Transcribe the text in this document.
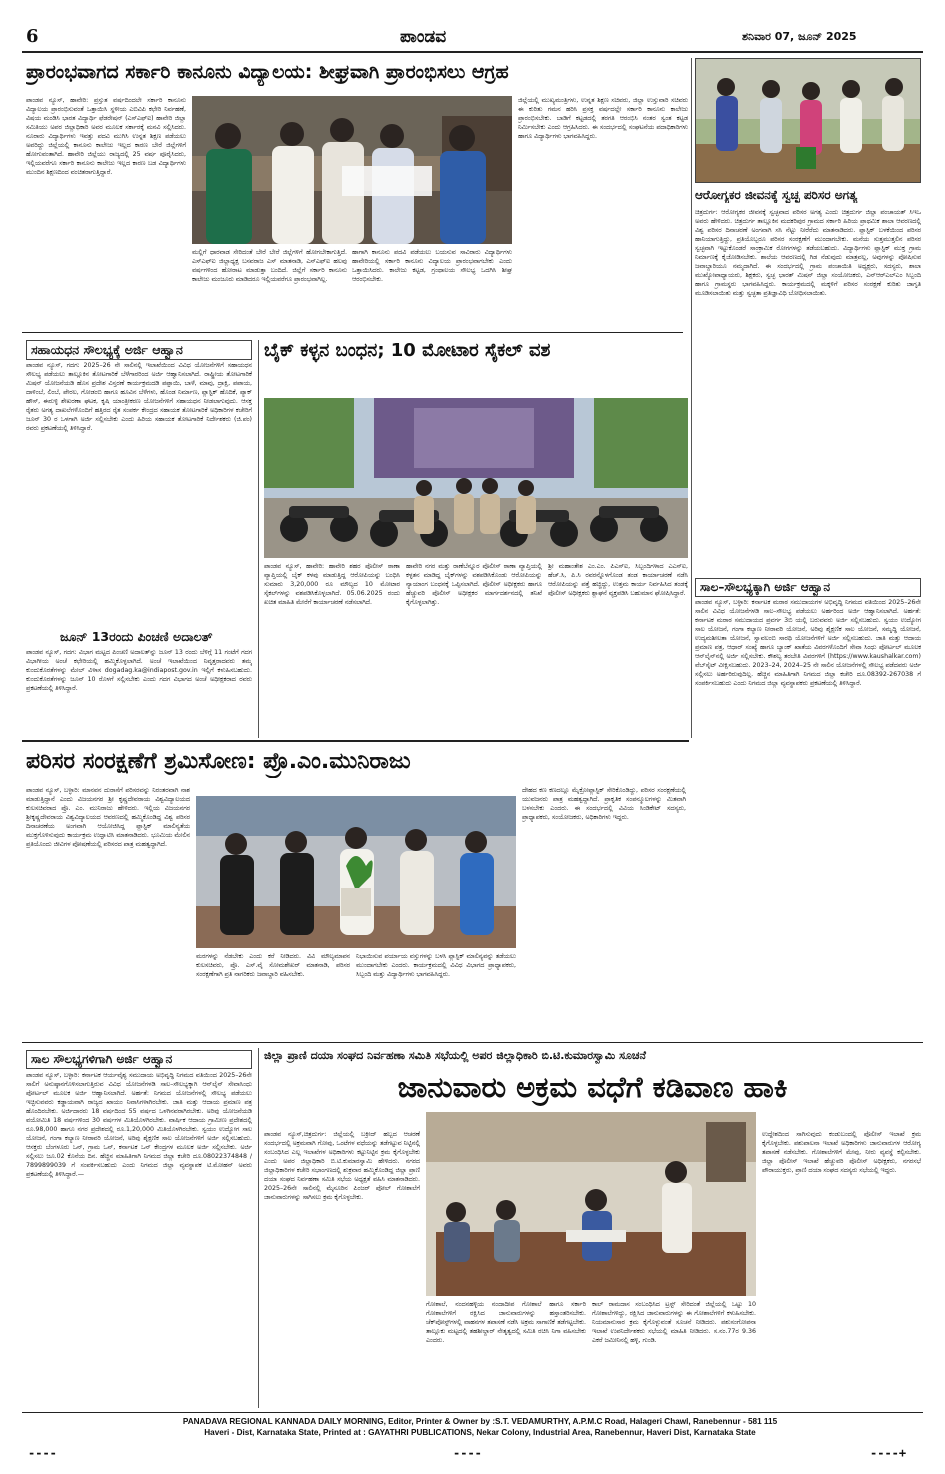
6	ಪಾಂಡವ	ಶನಿವಾರ 07, ಜೂನ್ 2025
ಪ್ರಾರಂಭವಾಗದ ಸರ್ಕಾರಿ ಕಾನೂನು ವಿದ್ಯಾಲಯ: ಶೀಘ್ರವಾಗಿ ಪ್ರಾರಂಭಿಸಲು ಆಗ್ರಹ
ಪಾಂಡವ ನ್ಯೂಸ್, ಹಾವೇರಿ: ಪ್ರಸ್ತುತ ವರ್ಷದಿಂದಲೇ ಸರ್ಕಾರಿ ಕಾನೂನು ವಿದ್ಯಾಲಯ ಪ್ರಾರಂಭಿಸುವಂತೆ ಒತ್ತಾಯಿಸಿ ಸ್ಥಳೀಯ ಎಬಿವಿಪಿ ಕಛೇರಿ ನಿರ್ವಹಣೆ, ವಿಷಯ ಮಂಡಿಸಿ ಭಾರತ ವಿದ್ಯಾರ್ಥಿ ಫೆಡರೇಷನ್ (ಎಸ್‌ಎಫ್‌ಐ) ಹಾವೇರಿ ಜಿಲ್ಲಾ ಸಮಿತಿಯು ಅಪರ ಜಿಲ್ಲಾಧಿಕಾರಿ ಅವರ ಮೂಲಕ ಸರ್ಕಾರಕ್ಕೆ ಮನವಿ ಸಲ್ಲಿಸಿದರು. ನೂರಾರು ವಿದ್ಯಾರ್ಥಿಗಳು ಇವತ್ತು ಪದವಿ ಮುಗಿಸಿ ಉನ್ನತ ಶಿಕ್ಷಣ ಪಡೆಯಲು ಅವರಿದ್ದು ಜಿಲ್ಲೆಯಲ್ಲಿ ಕಾನೂನು ಕಾಲೇಜು ಇಲ್ಲದ ಕಾರಣ ಬೇರೆ ಜಿಲ್ಲೆಗಳಿಗೆ ಹೋಗುವಂತಾಗಿದೆ. ಹಾವೇರಿ ಜಿಲ್ಲೆಯು ರಾಜ್ಯದಲ್ಲಿ 25 ವರ್ಷ ಪೂರೈಸಿದರು, ಇಲ್ಲಿಯವರೆಗೂ ಸರ್ಕಾರಿ ಕಾನೂನು ಕಾಲೇಜು ಇಲ್ಲದ ಕಾರಣ ಬಡ ವಿದ್ಯಾರ್ಥಿಗಳು ಮುಂದಿನ ಶಿಕ್ಷಣದಿಂದ ವಂಚಿತರಾಗುತ್ತಿದ್ದಾರೆ.
ಮಲ್ಲಿಗೆ ಧಾರವಾಡ ಸೇರಿದಂತೆ ಬೇರೆ ಬೇರೆ ಜಿಲ್ಲೆಗಳಿಗೆ ಹೋಗಬೇಕಾಗುತ್ತಿದೆ. ಎಸ್‌ಎಫ್‌ಐ ಜಿಲ್ಲಾಧ್ಯಕ್ಷ ಬಸವರಾಜ ಎಸ್ ಮಾತನಾಡಿ, ಎಸ್‌ಎಫ್‌ಐ ಹಲವು ವರ್ಷಗಳಿಂದ ಹೋರಾಟ ಮಾಡುತ್ತಾ ಬಂದಿದೆ. ಜಿಲ್ಲೆಗೆ ಸರ್ಕಾರಿ ಕಾನೂನು ಕಾಲೇಜು ಮಂಜೂರು ಮಾಡಿದರೂ ಇಲ್ಲಿಯವರೆಗೂ ಪ್ರಾರಂಭವಾಗಿಲ್ಲ.
ಹಾಗಾಗಿ ಕಾನೂನು ಪದವಿ ಪಡೆಯಲು ಬಯಸುವ ಸಾವಿರಾರು ವಿದ್ಯಾರ್ಥಿಗಳು ಹಾವೇರಿಯಲ್ಲಿ ಸರ್ಕಾರಿ ಕಾನೂನು ವಿದ್ಯಾಲಯ ಪ್ರಾರಂಭವಾಗಬೇಕು ಎಂದು ಒತ್ತಾಯಿಸಿದರು. ಕಾಲೇಜು ಕಟ್ಟಡ, ಗ್ರಂಥಾಲಯ ಸೌಲಭ್ಯ ಒದಗಿಸಿ ಶೀಘ್ರ ಆರಂಭಿಸಬೇಕು.
ಜಿಲ್ಲೆಯಲ್ಲಿ ಮುಖ್ಯಮಂತ್ರಿಗಳು, ಉನ್ನತ ಶಿಕ್ಷಣ ಸಚಿವರು, ಜಿಲ್ಲಾ ಉಸ್ತುವಾರಿ ಸಚಿವರು ಈ ಕುರಿತು ಗಮನ ಹರಿಸಿ ಪ್ರಸಕ್ತ ವರ್ಷದಲ್ಲೇ ಸರ್ಕಾರಿ ಕಾನೂನು ಕಾಲೇಜು ಪ್ರಾರಂಭಿಸಬೇಕು. ಬಾಡಿಗೆ ಕಟ್ಟಡದಲ್ಲಿ ತರಗತಿ ಆರಂಭಿಸಿ ನಂತರ ಸ್ವಂತ ಕಟ್ಟಡ ನಿರ್ಮಿಸಬೇಕು ಎಂದು ಆಗ್ರಹಿಸಿದರು. ಈ ಸಂದರ್ಭದಲ್ಲಿ ಸಂಘಟನೆಯ ಪದಾಧಿಕಾರಿಗಳು ಹಾಗೂ ವಿದ್ಯಾರ್ಥಿಗಳು ಭಾಗವಹಿಸಿದ್ದರು.
ಆರೋಗ್ಯಕರ ಜೀವನಕ್ಕೆ ಸ್ವಚ್ಛ ಪರಿಸರ ಅಗತ್ಯ
ಚಿತ್ರದುರ್ಗ: ಆರೋಗ್ಯಕರ ಜೀವನಕ್ಕೆ ಸ್ವಚ್ಛವಾದ ಪರಿಸರ ಅಗತ್ಯ ಎಂದು ಚಿತ್ರದುರ್ಗ ಜಿಲ್ಲಾ ಪಂಚಾಯತ್ ಸಿಇಒ ಅವರು ಹೇಳಿದರು. ಚಿತ್ರದುರ್ಗ ತಾಲ್ಲೂಕಿನ ಮದಕರಿಪುರ ಗ್ರಾಮದ ಸರ್ಕಾರಿ ಹಿರಿಯ ಪ್ರಾಥಮಿಕ ಶಾಲಾ ಆವರಣದಲ್ಲಿ ವಿಶ್ವ ಪರಿಸರ ದಿನಾಚರಣೆ ಅಂಗವಾಗಿ ಸಸಿ ನೆಟ್ಟು ನೀರೆರೆದು ಮಾತನಾಡಿದರು. ಪ್ಲಾಸ್ಟಿಕ್ ಬಳಕೆಯಿಂದ ಪರಿಸರ ಹಾನಿಯಾಗುತ್ತಿದ್ದು, ಪ್ರತಿಯೊಬ್ಬರೂ ಪರಿಸರ ಸಂರಕ್ಷಣೆಗೆ ಮುಂದಾಗಬೇಕು. ಮನೆಯ ಸುತ್ತಮುತ್ತಲಿನ ಪರಿಸರ ಸ್ವಚ್ಛವಾಗಿ ಇಟ್ಟುಕೊಂಡರೆ ಸಾಂಕ್ರಾಮಿಕ ರೋಗಗಳನ್ನು ತಡೆಯಬಹುದು. ವಿದ್ಯಾರ್ಥಿಗಳು ಪ್ಲಾಸ್ಟಿಕ್ ಮುಕ್ತ ಗ್ರಾಮ ನಿರ್ಮಾಣಕ್ಕೆ ಕೈಜೋಡಿಸಬೇಕು. ಶಾಲೆಯ ಆವರಣದಲ್ಲಿ ಗಿಡ ನೆಡುವುದು ಮಾತ್ರವಲ್ಲ, ಅವುಗಳನ್ನು ಪೋಷಿಸುವ ಜವಾಬ್ದಾರಿಯೂ ನಮ್ಮದಾಗಿದೆ. ಈ ಸಂದರ್ಭದಲ್ಲಿ ಗ್ರಾಮ ಪಂಚಾಯಿತಿ ಅಧ್ಯಕ್ಷರು, ಸದಸ್ಯರು, ಶಾಲಾ ಮುಖ್ಯೋಪಾಧ್ಯಾಯರು, ಶಿಕ್ಷಕರು, ಸ್ವಚ್ಛ ಭಾರತ್ ಮಿಷನ್ ಜಿಲ್ಲಾ ಸಂಯೋಜಕರು, ಎನ್‌ಆರ್‌ಎಲ್‌ಎಂ ಸಿಬ್ಬಂದಿ ಹಾಗೂ ಗ್ರಾಮಸ್ಥರು ಭಾಗವಹಿಸಿದ್ದರು. ಕಾರ್ಯಕ್ರಮದಲ್ಲಿ ಮಕ್ಕಳಿಗೆ ಪರಿಸರ ಸಂರಕ್ಷಣೆ ಕುರಿತು ಜಾಗೃತಿ ಮೂಡಿಸಲಾಯಿತು ಮತ್ತು ಸ್ವಚ್ಛತಾ ಪ್ರತಿಜ್ಞಾವಿಧಿ ಬೋಧಿಸಲಾಯಿತು.
ಸಹಾಯಧನ ಸೌಲಭ್ಯಕ್ಕೆ ಅರ್ಜಿ ಆಹ್ವಾನ
ಪಾಂಡವ ನ್ಯೂಸ್, ಗದಗ: 2025–26 ನೇ ಸಾಲಿನಲ್ಲಿ ಇಲಾಖೆಯಿಂದ ವಿವಿಧ ಯೋಜನೆಗಳಿಗೆ ಸಹಾಯಧನ ಸೌಲಭ್ಯ ಪಡೆಯಲು ತಾಲ್ಲೂಕಿನ ತೋಟಗಾರಿಕೆ ಬೆಳೆಗಾರರಿಂದ ಅರ್ಜಿ ಆಹ್ವಾನಿಸಲಾಗಿದೆ. ರಾಷ್ಟ್ರೀಯ ತೋಟಗಾರಿಕೆ ಮಿಷನ್ ಯೋಜನೆಯಡಿ ಹೊಸ ಪ್ರದೇಶ ವಿಸ್ತರಣೆ ಕಾರ್ಯಕ್ರಮದಡಿ ಪಪ್ಪಾಯಿ, ಬಾಳೆ, ಮಾವು, ದ್ರಾಕ್ಷಿ, ಪಪಾಯ, ದಾಳಿಂಬೆ, ಲಿಂಬೆ, ಪೇರಲ, ಗೋಡಂಬಿ ಹಾಗೂ ಹೂವಿನ ಬೆಳೆಗಳು, ಹೊಂಡ ನಿರ್ಮಾಣ, ಪ್ಲಾಸ್ಟಿಕ್ ಹೊದಿಕೆ, ಪ್ಯಾಕ್ ಹೌಸ್, ಈರುಳ್ಳಿ ಶೇಖರಣಾ ಘಟಕ, ಕೃಷಿ ಯಾಂತ್ರೀಕರಣ ಯೋಜನೆಗಳಿಗೆ ಸಹಾಯಧನ ನೀಡಲಾಗುವುದು. ಆಸಕ್ತ ರೈತರು ಅಗತ್ಯ ದಾಖಲೆಗಳೊಂದಿಗೆ ಹತ್ತಿರದ ರೈತ ಸಂಪರ್ಕ ಕೇಂದ್ರದ ಸಹಾಯಕ ತೋಟಗಾರಿಕೆ ಅಧಿಕಾರಿಗಳ ಕಚೇರಿಗೆ ಜೂನ್ 30 ರ ಒಳಗಾಗಿ ಅರ್ಜಿ ಸಲ್ಲಿಸಬೇಕು ಎಂದು ಹಿರಿಯ ಸಹಾಯಕ ತೋಟಗಾರಿಕೆ ನಿರ್ದೇಶಕರು (ಜಿ.ಪಂ) ರವರು ಪ್ರಕಟಣೆಯಲ್ಲಿ ತಿಳಿಸಿದ್ದಾರೆ.
ಜೂನ್ 13ರಂದು ಪಿಂಚಣಿ ಅದಾಲತ್
ಪಾಂಡವ ನ್ಯೂಸ್, ಗದಗ: ವಿಭಾಗ ಮಟ್ಟದ ಪಿಂಚಣಿ ಅದಾಲತ್‌ನ್ನು ಜೂನ್ 13 ರಂದು ಬೆಳಿಗ್ಗೆ 11 ಗಂಟೆಗೆ ಗದಗ ವಿಭಾಗೀಯ ಅಂಚೆ ಕಛೇರಿಯಲ್ಲಿ ಹಮ್ಮಿಕೊಳ್ಳಲಾಗಿದೆ. ಅಂಚೆ ಇಲಾಖೆಯಿಂದ ನಿವೃತ್ತರಾದವರು ತಮ್ಮ ಕುಂದುಕೊರತೆಗಳನ್ನು ಮೇಲ್ ವಿಳಾಸ dogadag.ka@indiapost.gov.in ಇಲ್ಲಿಗೆ ಕಳುಹಿಸಬಹುದು. ಕುಂದುಕೊರತೆಗಳನ್ನು ಜೂನ್ 10 ರೊಳಗೆ ಸಲ್ಲಿಸಬೇಕು ಎಂದು ಗದಗ ವಿಭಾಗದ ಅಂಚೆ ಅಧೀಕ್ಷಕರಾದ ರವರು ಪ್ರಕಟಣೆಯಲ್ಲಿ ತಿಳಿಸಿದ್ದಾರೆ.
ಬೈಕ್ ಕಳ್ಳನ ಬಂಧನ; 10 ಮೋಟಾರ ಸೈಕಲ್ ವಶ
ಪಾಂಡವ ನ್ಯೂಸ್, ಹಾವೇರಿ: ಹಾವೇರಿ ಶಹರ ಪೊಲೀಸ್ ಠಾಣಾ ವ್ಯಾಪ್ತಿಯಲ್ಲಿ ಬೈಕ್ ಕಳವು ಮಾಡುತ್ತಿದ್ದ ಆರೋಪಿಯನ್ನು ಬಂಧಿಸಿ ಸುಮಾರು 3,20,000 ರೂ ಮೌಲ್ಯದ 10 ಮೋಟಾರ ಸೈಕಲ್‌ಗಳನ್ನು ವಶಪಡಿಸಿಕೊಳ್ಳಲಾಗಿದೆ. 05.06.2025 ರಂದು ಖಚಿತ ಮಾಹಿತಿ ಮೇರೆಗೆ ಕಾರ್ಯಾಚರಣೆ ನಡೆಸಲಾಗಿದೆ.
ಹಾವೇರಿ ನಗರ ಮತ್ತು ರಾಣೆಬೆನ್ನೂರ ಪೊಲೀಸ್ ಠಾಣಾ ವ್ಯಾಪ್ತಿಯಲ್ಲಿ ಕಳ್ಳತನ ಮಾಡಿದ್ದ ಬೈಕ್‌ಗಳನ್ನು ವಶಪಡಿಸಿಕೊಂಡು ಆರೋಪಿಯನ್ನು ನ್ಯಾಯಾಂಗ ಬಂಧನಕ್ಕೆ ಒಪ್ಪಿಸಲಾಗಿದೆ. ಪೊಲೀಸ್ ಅಧೀಕ್ಷಕರು ಹಾಗೂ ಹೆಚ್ಚುವರಿ ಪೊಲೀಸ್ ಅಧೀಕ್ಷಕರ ಮಾರ್ಗದರ್ಶನದಲ್ಲಿ ತನಿಖೆ ಕೈಗೊಳ್ಳಲಾಗಿತ್ತು.
ಶ್ರೀ ಮಹಾಂತೇಶ ಎಂ.ಎಂ. ಪಿಎಸ್‌ಐ, ಸಿಬ್ಬಂದಿಗಳಾದ ಎಎಸ್‌ಐ, ಹೆಚ್.ಸಿ, ಪಿ.ಸಿ ರವರನ್ನೊಳಗೊಂಡ ತಂಡ ಕಾರ್ಯಾಚರಣೆ ನಡೆಸಿ ಆರೋಪಿಯನ್ನು ಪತ್ತೆ ಹಚ್ಚಿದ್ದು, ಉತ್ತಮ ಕಾರ್ಯ ನಿರ್ವಹಿಸಿದ ತಂಡಕ್ಕೆ ಪೊಲೀಸ್ ಅಧೀಕ್ಷಕರು ಶ್ಲಾಘನೆ ವ್ಯಕ್ತಪಡಿಸಿ ಬಹುಮಾನ ಘೋಷಿಸಿದ್ದಾರೆ.	ಸಾಲ–ಸೌಲಭ್ಯಕ್ಕಾಗಿ ಅರ್ಜಿ ಆಹ್ವಾನ
ಪಾಂಡವ ನ್ಯೂಸ್, ಬಳ್ಳಾರಿ: ಕರ್ನಾಟಕ ಮರಾಠ ಸಮುದಾಯಗಳ ಅಭಿವೃದ್ಧಿ ನಿಗಮದ ವತಿಯಿಂದ 2025–26ನೇ ಸಾಲಿನ ವಿವಿಧ ಯೋಜನೆಗಳಡಿ ಸಾಲ–ಸೌಲಭ್ಯ ಪಡೆಯಲು ಅರ್ಹರಿಂದ ಅರ್ಜಿ ಆಹ್ವಾನಿಸಲಾಗಿದೆ. ಅರ್ಹತೆ: ಕರ್ನಾಟಕ ಮರಾಠ ಸಮುದಾಯದ ಪ್ರವರ್ಗ 3ಬಿ ಯಲ್ಲಿ ಬರುವವರು ಅರ್ಜಿ ಸಲ್ಲಿಸಬಹುದು. ಸ್ವಯಂ ಉದ್ಯೋಗ ಸಾಲ ಯೋಜನೆ, ಗಂಗಾ ಕಲ್ಯಾಣ ನೀರಾವರಿ ಯೋಜನೆ, ಅರಿವು ಶೈಕ್ಷಣಿಕ ಸಾಲ ಯೋಜನೆ, ಸಮೃದ್ಧಿ ಯೋಜನೆ, ಉದ್ಯಮಶೀಲತಾ ಯೋಜನೆ, ಸ್ವಾವಲಂಬಿ ಸಾರಥಿ ಯೋಜನೆಗಳಿಗೆ ಅರ್ಜಿ ಸಲ್ಲಿಸಬಹುದು. ಜಾತಿ ಮತ್ತು ಆದಾಯ ಪ್ರಮಾಣ ಪತ್ರ, ಆಧಾರ್ ಸಂಖ್ಯೆ ಹಾಗೂ ಬ್ಯಾಂಕ್ ಖಾತೆಯ ವಿವರಗಳೊಂದಿಗೆ ಸೇವಾ ಸಿಂಧು ಪೋರ್ಟಲ್ ಮೂಲಕ ಆನ್‌ಲೈನ್‌ನಲ್ಲಿ ಅರ್ಜಿ ಸಲ್ಲಿಸಬೇಕು. ಕೌಶಲ್ಯ ತರಬೇತಿ ವಿವರಗಳಿಗೆ (https://www.kaushalkar.com) ವೆಬ್‌ಸೈಟ್ ವೀಕ್ಷಿಸಬಹುದು. 2023–24, 2024–25 ನೇ ಸಾಲಿನ ಯೋಜನೆಗಳಲ್ಲಿ ಸೌಲಭ್ಯ ಪಡೆದವರು ಅರ್ಜಿ ಸಲ್ಲಿಸಲು ಅರ್ಹರಿರುವುದಿಲ್ಲ. ಹೆಚ್ಚಿನ ಮಾಹಿತಿಗಾಗಿ ನಿಗಮದ ಜಿಲ್ಲಾ ಕಚೇರಿ ದೂ.08392-267038 ಗೆ ಸಂಪರ್ಕಿಸಬಹುದು ಎಂದು ನಿಗಮದ ಜಿಲ್ಲಾ ವ್ಯವಸ್ಥಾಪಕರು ಪ್ರಕಟಣೆಯಲ್ಲಿ ತಿಳಿಸಿದ್ದಾರೆ.
ಪರಿಸರ ಸಂರಕ್ಷಣೆಗೆ ಶ್ರಮಿಸೋಣ: ಪ್ರೊ.ಎಂ.ಮುನಿರಾಜು
ಪಾಂಡವ ನ್ಯೂಸ್, ಬಳ್ಳಾರಿ: ಮಾನವನ ದುರಾಸೆಗೆ ಪರಿಸರವನ್ನು ನಿರಂತರವಾಗಿ ನಾಶ ಮಾಡುತ್ತಿದ್ದಾನೆ ಎಂದು ವಿಜಯನಗರ ಶ್ರೀ ಕೃಷ್ಣದೇವರಾಯ ವಿಶ್ವವಿದ್ಯಾಲಯದ ಕುಲಸಚಿವರಾದ ಪ್ರೊ. ಎಂ. ಮುನಿರಾಜು ಹೇಳಿದರು. ಇಲ್ಲಿಯ ವಿಜಯನಗರ ಶ್ರೀಕೃಷ್ಣದೇವರಾಯ ವಿಶ್ವವಿದ್ಯಾಲಯದ ಆವರಣದಲ್ಲಿ ಹಮ್ಮಿಕೊಂಡಿದ್ದ ವಿಶ್ವ ಪರಿಸರ ದಿನಾಚರಣೆಯ ಅಂಗವಾಗಿ ಆಯೋಜಿಸಿದ್ದ ಪ್ಲಾಸ್ಟಿಕ್ ಮಾಲಿನ್ಯತೆಯ ಮುಕ್ತಗೊಳಿಸುವುದು ಕಾರ್ಯಕ್ರಮ ಉದ್ಘಾಟಿಸಿ ಮಾತನಾಡಿದರು. ಭೂಮಿಯ ಮೇಲಿನ ಪ್ರತಿಯೊಂದು ಜೀವಿಗಳ ಪೋಷಣೆಯಲ್ಲಿ ಪರಿಸರದ ಪಾತ್ರ ಮಹತ್ವದ್ದಾಗಿದೆ.
ಮರಗಳನ್ನು ನೆಡಬೇಕು ಎಂದು ಕರೆ ನೀಡಿದರು. ವಿವಿ ಮೌಲ್ಯಮಾಪನ ಕುಲಸಚಿವರು, ಪ್ರೊ. ಎಸ್.ವೈ ಸೋಮಶೇಖರ್ ಮಾತನಾಡಿ, ಪರಿಸರ ಸಂರಕ್ಷಣೆಗಾಗಿ ಪ್ರತಿ ನಾಗರಿಕರು ಜವಾಬ್ದಾರಿ ವಹಿಸಬೇಕು.
ನಿಭಾಯಿಸುವ ಪರ್ಯಾಯ ವಸ್ತುಗಳನ್ನು ಬಳಸಿ ಪ್ಲಾಸ್ಟಿಕ್ ಮಾಲಿನ್ಯವನ್ನು ತಡೆಯಲು ಮುಂದಾಗಬೇಕು ಎಂದರು. ಕಾರ್ಯಕ್ರಮದಲ್ಲಿ ವಿವಿಧ ವಿಭಾಗದ ಪ್ರಾಧ್ಯಾಪಕರು, ಸಿಬ್ಬಂದಿ ಮತ್ತು ವಿದ್ಯಾರ್ಥಿಗಳು ಭಾಗವಹಿಸಿದ್ದರು.
ದೇಹದ ಕಣ ಕಣದಲ್ಲೂ ಮೈಕ್ರೋಪ್ಲಾಸ್ಟಿಕ್ ಸೇರಿಕೊಂಡಿದ್ದು, ಪರಿಸರ ಸಂರಕ್ಷಣೆಯಲ್ಲಿ ಯುವಜನರು ಪಾತ್ರ ಮಹತ್ವದ್ದಾಗಿದೆ. ಪ್ರಾಕೃತಿಕ ಸಂಪನ್ಮೂಲಗಳನ್ನು ಮಿತವಾಗಿ ಬಳಸಬೇಕು ಎಂದರು. ಈ ಸಂದರ್ಭದಲ್ಲಿ ವಿವಿಯ ಸಿಂಡಿಕೇಟ್ ಸದಸ್ಯರು, ಪ್ರಾಧ್ಯಾಪಕರು, ಸಂಯೋಜಕರು, ಅಧಿಕಾರಿಗಳು ಇದ್ದರು.
ಸಾಲ ಸೌಲಭ್ಯಗಳಿಗಾಗಿ ಅರ್ಜಿ ಆಹ್ವಾನ
ಪಾಂಡವ ನ್ಯೂಸ್, ಬಳ್ಳಾರಿ: ಕರ್ನಾಟಕ ಆರ್ಯವೈಶ್ಯ ಸಮುದಾಯ ಅಭಿವೃದ್ಧಿ ನಿಗಮದ ವತಿಯಿಂದ 2025–26ನೇ ಸಾಲಿಗೆ ಅನುಷ್ಠಾನಗೊಳಿಸಲಾಗುತ್ತಿರುವ ವಿವಿಧ ಯೋಜನೆಗಳಡಿ ಸಾಲ–ಸೌಲಭ್ಯಕ್ಕಾಗಿ ಆನ್‌ಲೈನ್ ಸೇವಾಸಿಂಧು ಪೋರ್ಟಲ್ ಮೂಲಕ ಅರ್ಜಿ ಆಹ್ವಾನಿಸಲಾಗಿದೆ. ಅರ್ಹತೆ: ನಿಗಮದ ಯೋಜನೆಗಳಲ್ಲಿ ಸೌಲಭ್ಯ ಪಡೆಯಲು ಇಚ್ಛಿಸುವವರು ಕಡ್ಡಾಯವಾಗಿ ರಾಜ್ಯದ ಖಾಯಂ ನಿವಾಸಿಗಳಾಗಿರಬೇಕು. ಜಾತಿ ಮತ್ತು ಆದಾಯ ಪ್ರಮಾಣ ಪತ್ರ ಹೊಂದಿರಬೇಕು. ಅರ್ಜಿದಾರರು 18 ವರ್ಷದಿಂದ 55 ವರ್ಷದ ಒಳಗಿನವರಾಗಿರಬೇಕು. ಅರಿವು ಯೋಜನೆಯಡಿ ವಯೋಮಿತಿ 18 ವರ್ಷಗಳಿಂದ 30 ವರ್ಷಗಳ ಮಿತಿಯೊಳಗಿರಬೇಕು. ವಾರ್ಷಿಕ ಆದಾಯ ಗ್ರಾಮೀಣ ಪ್ರದೇಶದಲ್ಲಿ ರೂ.98,000 ಹಾಗೂ ನಗರ ಪ್ರದೇಶದಲ್ಲಿ ರೂ.1,20,000 ಮಿತಿಯೊಳಗಿರಬೇಕು. ಸ್ವಯಂ ಉದ್ಯೋಗ ಸಾಲ ಯೋಜನೆ, ಗಂಗಾ ಕಲ್ಯಾಣ ನೀರಾವರಿ ಯೋಜನೆ, ಅರಿವು ಶೈಕ್ಷಣಿಕ ಸಾಲ ಯೋಜನೆಗಳಿಗೆ ಅರ್ಜಿ ಸಲ್ಲಿಸಬಹುದು. ಆಸಕ್ತರು ಬೆಂಗಳೂರು ಒನ್, ಗ್ರಾಮ ಒನ್, ಕರ್ನಾಟಕ ಒನ್ ಕೇಂದ್ರಗಳ ಮೂಲಕ ಅರ್ಜಿ ಸಲ್ಲಿಸಬೇಕು. ಅರ್ಜಿ ಸಲ್ಲಿಸಲು ಜೂ.02 ಕೊನೆಯ ದಿನ. ಹೆಚ್ಚಿನ ಮಾಹಿತಿಗಾಗಿ ನಿಗಮದ ಜಿಲ್ಲಾ ಕಚೇರಿ ದೂ.08022374848 / 7899899039 ಗೆ ಸಂಪರ್ಕಿಸಬಹುದು ಎಂದು ನಿಗಮದ ಜಿಲ್ಲಾ ವ್ಯವಸ್ಥಾಪಕ ಟಿ.ಮೋಹನ್ ಅವರು ಪ್ರಕಟಣೆಯಲ್ಲಿ ತಿಳಿಸಿದ್ದಾರೆ.—
ಜಿಲ್ಲಾ ಪ್ರಾಣಿ ದಯಾ ಸಂಘದ ನಿರ್ವಹಣಾ ಸಮಿತಿ ಸಭೆಯಲ್ಲಿ ಅಪರ ಜಿಲ್ಲಾಧಿಕಾರಿ ಬಿ.ಟಿ.ಕುಮಾರಸ್ವಾಮಿ ಸೂಚನೆ
ಜಾನುವಾರು ಅಕ್ರಮ ವಧೆಗೆ ಕಡಿವಾಣ ಹಾಕಿ
ಪಾಂಡವ ನ್ಯೂಸ್,ಚಿತ್ರದುರ್ಗ: ಜಿಲ್ಲೆಯಲ್ಲಿ ಬಕ್ರೀದ್ ಹಬ್ಬದ ಆಚರಣೆ ಸಂದರ್ಭದಲ್ಲಿ ಅಕ್ರಮವಾಗಿ ಗೋವು, ಒಂಟೆಗಳ ವಧೆಯನ್ನು ತಡೆಗಟ್ಟುವ ನಿಟ್ಟಿನಲ್ಲಿ ಸಂಬಂಧಿಸಿದ ಎಲ್ಲ ಇಲಾಖೆಗಳ ಅಧಿಕಾರಿಗಳು ಕಟ್ಟುನಿಟ್ಟಿನ ಕ್ರಮ ಕೈಗೊಳ್ಳಬೇಕು ಎಂದು ಅಪರ ಜಿಲ್ಲಾಧಿಕಾರಿ ಬಿ.ಟಿ.ಕುಮಾರಸ್ವಾಮಿ ಹೇಳಿದರು. ನಗರದ ಜಿಲ್ಲಾಧಿಕಾರಿಗಳ ಕಚೇರಿ ಸಭಾಂಗಣದಲ್ಲಿ ಶುಕ್ರವಾರ ಹಮ್ಮಿಕೊಂಡಿದ್ದ ಜಿಲ್ಲಾ ಪ್ರಾಣಿ ದಯಾ ಸಂಘದ ನಿರ್ವಹಣಾ ಸಮಿತಿ ಸಭೆಯ ಅಧ್ಯಕ್ಷತೆ ವಹಿಸಿ ಮಾತನಾಡಿದರು. 2025–26ನೇ ಸಾಲಿನಲ್ಲಿ ಮೈಸೂರಿನ ಪಿಂಜರ್ ಪೋಲ್ ಗೋಶಾಲೆಗೆ ಜಾನುವಾರುಗಳನ್ನು ಸಾಗಿಸಲು ಕ್ರಮ ಕೈಗೊಳ್ಳಬೇಕು.
ಗೋಶಾಲೆ, ನಂದನಹಳ್ಳಿಯ ನಂದಾದೀಪ ಗೋಶಾಲೆ ಹಾಗೂ ಸರ್ಕಾರಿ ಗೋಶಾಲೆಗಳಿಗೆ ರಕ್ಷಿಸಿದ ಜಾನುವಾರುಗಳನ್ನು ಹಸ್ತಾಂತರಿಸಬೇಕು. ಚೆಕ್‌ಪೋಸ್ಟ್‌ಗಳಲ್ಲಿ ವಾಹನಗಳ ತಪಾಸಣೆ ನಡೆಸಿ ಅಕ್ರಮ ಸಾಗಾಣಿಕೆ ತಡೆಗಟ್ಟಬೇಕು. ತಾಲ್ಲೂಕು ಮಟ್ಟದಲ್ಲಿ ತಹಶೀಲ್ದಾರ್ ನೇತೃತ್ವದಲ್ಲಿ ಸಮಿತಿ ರಚಿಸಿ ನಿಗಾ ವಹಿಸಬೇಕು ಎಂದರು.
ಕಾಲ್ ರಾಮದಾಸ ಸಂಬಂಧಿಸಿದ ಟ್ರಸ್ಟ್ ಸೇರಿದಂತೆ ಜಿಲ್ಲೆಯಲ್ಲಿ ಒಟ್ಟು 10 ಗೋಶಾಲೆಗಳಿದ್ದು, ರಕ್ಷಿಸಿದ ಜಾನುವಾರುಗಳನ್ನು ಈ ಗೋಶಾಲೆಗಳಿಗೆ ಕಳುಹಿಸಬೇಕು. ನಿಯಮಾನುಸಾರ ಕ್ರಮ ಕೈಗೊಳ್ಳುವಂತೆ ಸೂಚನೆ ನೀಡಿದರು. ಪಶುಸಂಗೋಪನಾ ಇಲಾಖೆ ಉಪನಿರ್ದೇಶಕರು ಸಭೆಯಲ್ಲಿ ಮಾಹಿತಿ ನೀಡಿದರು. ಸ.ನಂ.77ರ 9.36 ಎಕರೆ ಜಮೀನಿನಲ್ಲಿ ಹಳ್ಳಿ, ಗುಂಡಿ.
ಉದ್ದೇಶದಿಂದ ಸಾಗಿಸುವುದು ಕಂಡುಬಂದಲ್ಲಿ ಪೊಲೀಸ್ ಇಲಾಖೆ ಕ್ರಮ ಕೈಗೊಳ್ಳಬೇಕು. ಪಶುಪಾಲನಾ ಇಲಾಖೆ ಅಧಿಕಾರಿಗಳು ಜಾನುವಾರುಗಳ ಆರೋಗ್ಯ ತಪಾಸಣೆ ನಡೆಸಬೇಕು. ಗೋಶಾಲೆಗಳಿಗೆ ಮೇವು, ನೀರು ವ್ಯವಸ್ಥೆ ಕಲ್ಪಿಸಬೇಕು. ಜಿಲ್ಲಾ ಪೊಲೀಸ್ ಇಲಾಖೆ ಹೆಚ್ಚುವರಿ ಪೊಲೀಸ್ ಅಧೀಕ್ಷಕರು, ನಗರಸಭೆ ಪೌರಾಯುಕ್ತರು, ಪ್ರಾಣಿ ದಯಾ ಸಂಘದ ಸದಸ್ಯರು ಸಭೆಯಲ್ಲಿ ಇದ್ದರು.
PANADAVA REGIONAL KANNADA DAILY MORNING, Editor, Printer & Owner by :S.T. VEDAMURTHY, A.P.M.C Road, Halageri Chawl, Ranebennur - 581 115
Haveri - Dist, Karnataka State, Printed at : GAYATHRI PUBLICATIONS, Nekar Colony, Industrial Area, Ranebennur, Haveri Dist, Karnataka State
----	----	----+
